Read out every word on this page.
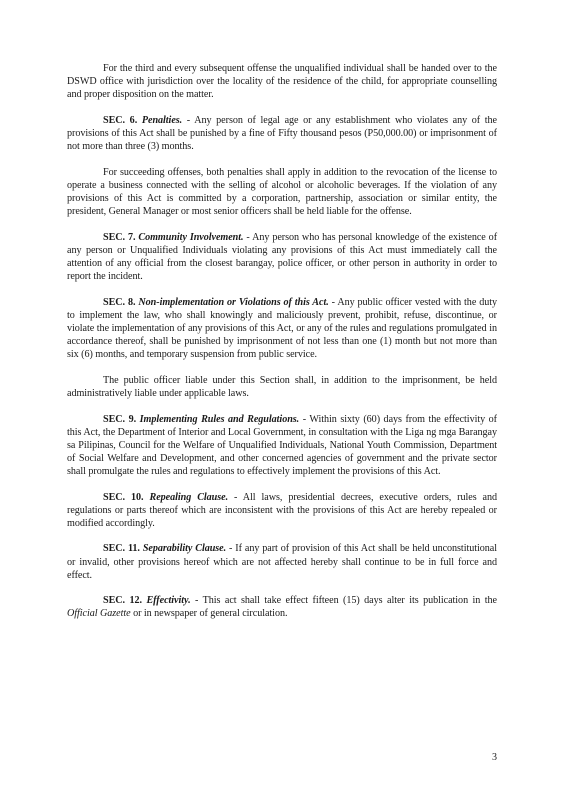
For the third and every subsequent offense the unqualified individual shall be handed over to the DSWD office with jurisdiction over the locality of the residence of the child, for appropriate counselling and proper disposition on the matter.

SEC. 6. Penalties. - Any person of legal age or any establishment who violates any of the provisions of this Act shall be punished by a fine of Fifty thousand pesos (P50,000.00) or imprisonment of not more than three (3) months.

For succeeding offenses, both penalties shall apply in addition to the revocation of the license to operate a business connected with the selling of alcohol or alcoholic beverages. If the violation of any provisions of this Act is committed by a corporation, partnership, association or similar entity, the president, General Manager or most senior officers shall be held liable for the offense.

SEC. 7. Community Involvement. - Any person who has personal knowledge of the existence of any person or Unqualified Individuals violating any provisions of this Act must immediately call the attention of any official from the closest barangay, police officer, or other person in authority in order to report the incident.

SEC. 8. Non-implementation or Violations of this Act. - Any public officer vested with the duty to implement the law, who shall knowingly and maliciously prevent, prohibit, refuse, discontinue, or violate the implementation of any provisions of this Act, or any of the rules and regulations promulgated in accordance thereof, shall be punished by imprisonment of not less than one (1) month but not more than six (6) months, and temporary suspension from public service.

The public officer liable under this Section shall, in addition to the imprisonment, be held administratively liable under applicable laws.

SEC. 9. Implementing Rules and Regulations. - Within sixty (60) days from the effectivity of this Act, the Department of Interior and Local Government, in consultation with the Liga ng mga Barangay sa Pilipinas, Council for the Welfare of Unqualified Individuals, National Youth Commission, Department of Social Welfare and Development, and other concerned agencies of government and the private sector shall promulgate the rules and regulations to effectively implement the provisions of this Act.

SEC. 10. Repealing Clause. - All laws, presidential decrees, executive orders, rules and regulations or parts thereof which are inconsistent with the provisions of this Act are hereby repealed or modified accordingly.

SEC. 11. Separability Clause. - If any part of provision of this Act shall be held unconstitutional or invalid, other provisions hereof which are not affected hereby shall continue to be in full force and effect.

SEC. 12. Effectivity. - This act shall take effect fifteen (15) days alter its publication in the Official Gazette or in newspaper of general circulation.

3
